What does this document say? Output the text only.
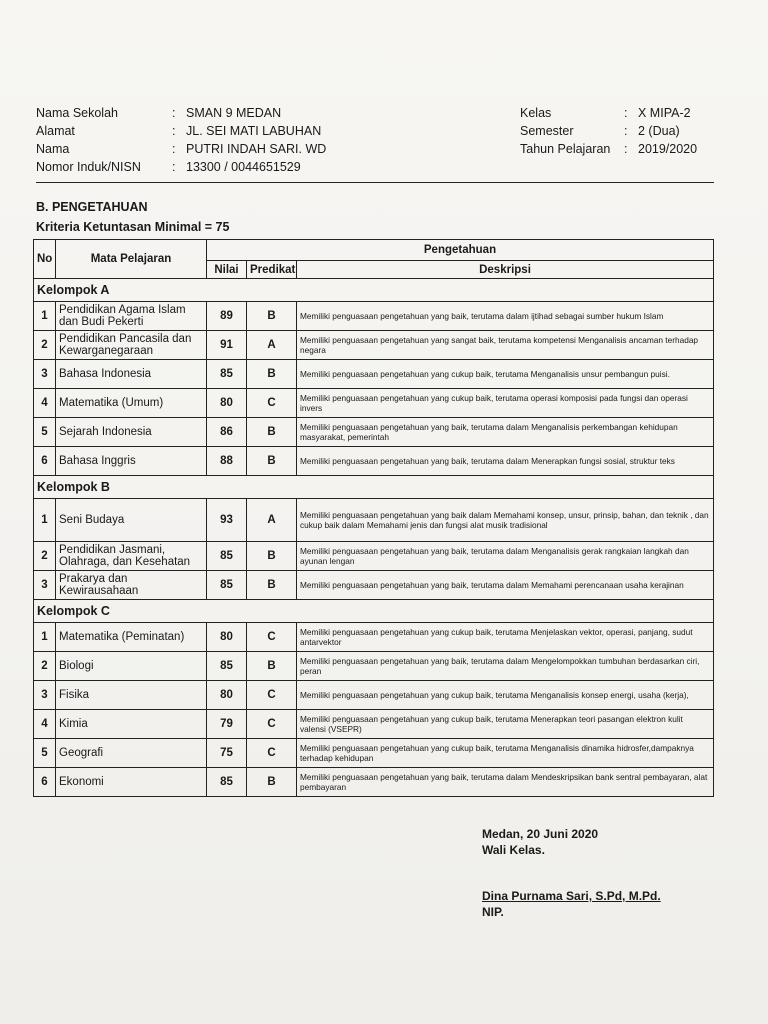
Nama Sekolah	: SMAN 9 MEDAN
Alamat	: JL. SEI MATI LABUHAN
Nama	: PUTRI INDAH SARI. WD
Nomor Induk/NISN	: 13300 / 0044651529
Kelas	: X MIPA-2
Semester	: 2 (Dua)
Tahun Pelajaran	: 2019/2020
B. PENGETAHUAN
Kriteria Ketuntasan Minimal = 75
No	Mata Pelajaran	Pengetahuan		
		Nilai	Predikat	Deskripsi
Kelompok A				
1	Pendidikan Agama Islam dan Budi Pekerti	89	B	Memiliki penguasaan pengetahuan yang baik, terutama dalam ijtihad sebagai sumber hukum Islam
2	Pendidikan Pancasila dan Kewarganegaraan	91	A	Memiliki penguasaan pengetahuan yang sangat baik, terutama kompetensi Menganalisis ancaman terhadap negara
3	Bahasa Indonesia	85	B	Memiliki penguasaan pengetahuan yang cukup baik, terutama Menganalisis unsur pembangun puisi.
4	Matematika (Umum)	80	C	Memiliki penguasaan pengetahuan yang cukup baik, terutama operasi komposisi pada fungsi dan operasi invers
5	Sejarah Indonesia	86	B	Memiliki penguasaan pengetahuan yang baik, terutama dalam Menganalisis perkembangan kehidupan masyarakat, pemerintah
6	Bahasa Inggris	88	B	Memiliki penguasaan pengetahuan yang baik, terutama dalam Menerapkan fungsi sosial, struktur teks
Kelompok B				
1	Seni Budaya	93	A	Memiliki penguasaan pengetahuan yang baik dalam Memahami konsep, unsur, prinsip, bahan, dan teknik , dan cukup baik dalam Memahami jenis dan fungsi alat musik tradisional
2	Pendidikan Jasmani, Olahraga, dan Kesehatan	85	B	Memiliki penguasaan pengetahuan yang baik, terutama dalam Menganalisis gerak rangkaian langkah dan ayunan lengan
3	Prakarya dan Kewirausahaan	85	B	Memiliki penguasaan pengetahuan yang baik, terutama dalam Memahami perencanaan usaha kerajinan
Kelompok C				
1	Matematika (Peminatan)	80	C	Memiliki penguasaan pengetahuan yang cukup baik, terutama Menjelaskan vektor, operasi, panjang, sudut antarvektor
2	Biologi	85	B	Memiliki penguasaan pengetahuan yang baik, terutama dalam Mengelompokkan tumbuhan berdasarkan ciri, peran
3	Fisika	80	C	Memiliki penguasaan pengetahuan yang cukup baik, terutama Menganalisis konsep energi, usaha (kerja),
4	Kimia	79	C	Memiliki penguasaan pengetahuan yang cukup baik, terutama Menerapkan teori pasangan elektron kulit valensi (VSEPR)
5	Geografi	75	C	Memiliki penguasaan pengetahuan yang cukup baik, terutama Menganalisis dinamika hidrosfer,dampaknya terhadap kehidupan
6	Ekonomi	85	B	Memiliki penguasaan pengetahuan yang baik, terutama dalam Mendeskripsikan bank sentral pembayaran, alat pembayaran
Medan, 20 Juni 2020
Wali Kelas.
Dina Purnama Sari, S.Pd, M.Pd.
NIP.
